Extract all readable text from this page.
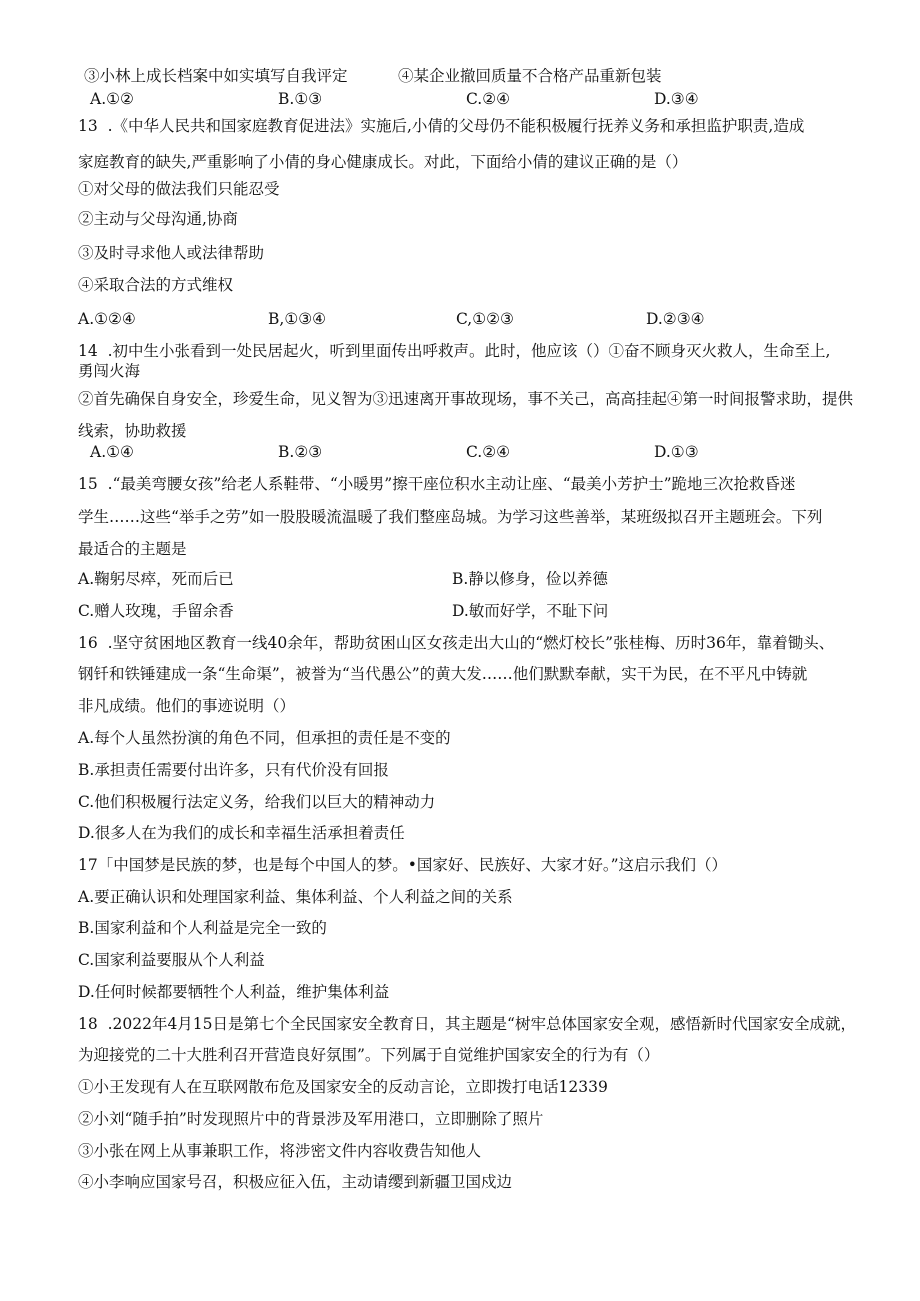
③小林上成长档案中如实填写自我评定	④某企业撤回质量不合格产品重新包装
A.①②	B.①③	C.②④	D.③④
13  .《中华人民共和国家庭教育促进法》实施后,小倩的父母仍不能积极履行抚养义务和承担监护职责,造成
家庭教育的缺失,严重影响了小倩的身心健康成长。对此，下面给小倩的建议正确的是（）
①对父母的做法我们只能忍受
②主动与父母沟通,协商
③及时寻求他人或法律帮助
④采取合法的方式维权
A.①②④	B,①③④	C,①②③	D.②③④
14  .初中生小张看到一处民居起火，听到里面传出呼救声。此时，他应该（）①奋不顾身灭火救人，生命至上,
勇闯火海
②首先确保自身安全，珍爱生命，见义智为③迅速离开事故现场，事不关己，高高挂起④第一时间报警求助，提供
线索，协助救援
A.①④	B.②③	C.②④	D.①③
15  .“最美弯腰女孩”给老人系鞋带、“小暖男”擦干座位积水主动让座、“最美小芳护士”跪地三次抢救昏迷
学生……这些“举手之劳”如一股股暖流温暖了我们整座岛城。为学习这些善举，某班级拟召开主题班会。下列
最适合的主题是
A.鞠躬尽瘁，死而后已	B.静以修身，俭以养德
C.赠人玫瑰，手留余香	D.敏而好学，不耻下问
16  .坚守贫困地区教育一线40余年，帮助贫困山区女孩走出大山的“燃灯校长”张桂梅、历时36年，靠着锄头、
钢钎和铁锤建成一条“生命渠”，被誉为“当代愚公”的黄大发……他们默默奉献，实干为民，在不平凡中铸就
非凡成绩。他们的事迹说明（）
A.每个人虽然扮演的角色不同，但承担的责任是不变的
B.承担责任需要付出许多，只有代价没有回报
C.他们积极履行法定义务，给我们以巨大的精神动力
D.很多人在为我们的成长和幸福生活承担着责任
17「中国梦是民族的梦，也是每个中国人的梦。•国家好、民族好、大家才好。”这启示我们（）
A.要正确认识和处理国家利益、集体利益、个人利益之间的关系
B.国家利益和个人利益是完全一致的
C.国家利益要服从个人利益
D.任何时候都要牺牲个人利益，维护集体利益
18  .2022年4月15日是第七个全民国家安全教育日，其主题是“树牢总体国家安全观，感悟新时代国家安全成就，
为迎接党的二十大胜利召开营造良好氛围”。下列属于自觉维护国家安全的行为有（）
①小王发现有人在互联网散布危及国家安全的反动言论，立即拨打电话12339
②小刘“随手拍”时发现照片中的背景涉及军用港口，立即删除了照片
③小张在网上从事兼职工作，将涉密文件内容收费告知他人
④小李响应国家号召，积极应征入伍，主动请缨到新疆卫国戍边
